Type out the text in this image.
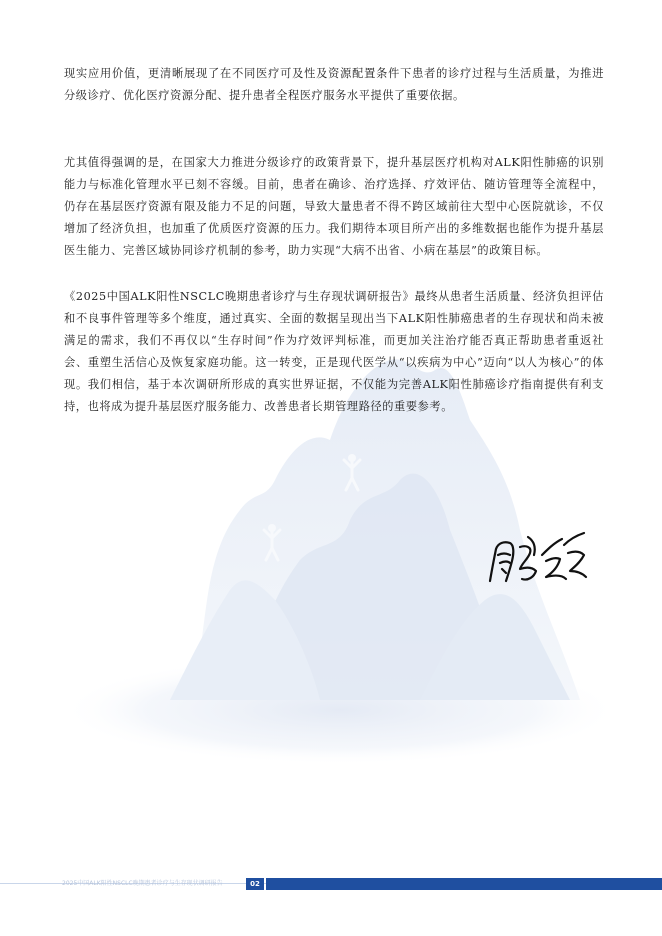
现实应用价值，更清晰展现了在不同医疗可及性及资源配置条件下患者的诊疗过程与生活质量，为推进分级诊疗、优化医疗资源分配、提升患者全程医疗服务水平提供了重要依据。

尤其值得强调的是，在国家大力推进分级诊疗的政策背景下，提升基层医疗机构对ALK阳性肺癌的识别能力与标准化管理水平已刻不容缓。目前，患者在确诊、治疗选择、疗效评估、随访管理等全流程中，仍存在基层医疗资源有限及能力不足的问题，导致大量患者不得不跨区域前往大型中心医院就诊，不仅增加了经济负担，也加重了优质医疗资源的压力。我们期待本项目所产出的多维数据也能作为提升基层医生能力、完善区域协同诊疗机制的参考，助力实现“大病不出省、小病在基层”的政策目标。

《2025中国ALK阳性NSCLC晚期患者诊疗与生存现状调研报告》最终从患者生活质量、经济负担评估和不良事件管理等多个维度，通过真实、全面的数据呈现出当下ALK阳性肺癌患者的生存现状和尚未被满足的需求，我们不再仅以“生存时间”作为疗效评判标准，而更加关注治疗能否真正帮助患者重返社会、重塑生活信心及恢复家庭功能。这一转变，正是现代医学从“以疾病为中心”迈向“以人为核心”的体现。我们相信，基于本次调研所形成的真实世界证据，不仅能为完善ALK阳性肺癌诊疗指南提供有利支持，也将成为提升基层医疗服务能力、改善患者长期管理路径的重要参考。

2025中国ALK阳性NSCLC晚期患者诊疗与生存现状调研报告	02
